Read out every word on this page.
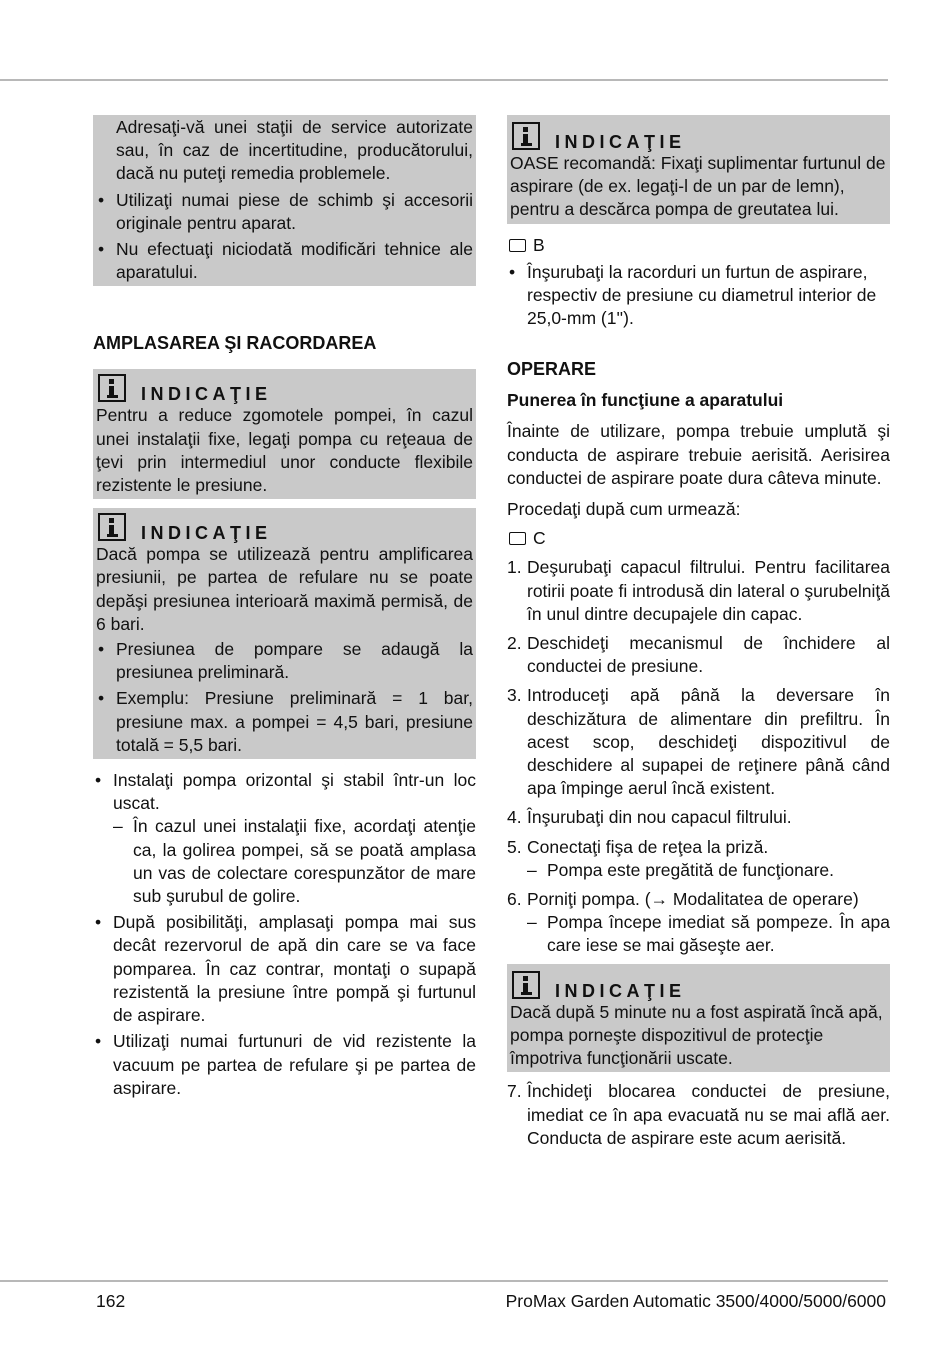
Adresaţi-vă unei staţii de service autorizate sau, în caz de incertitudine, producătorului, dacă nu puteţi remedia problemele.
• Utilizaţi numai piese de schimb şi accesorii originale pentru aparat.
• Nu efectuaţi niciodată modificări tehnice ale aparatului.
AMPLASAREA ŞI RACORDAREA
INDICAŢIE

Pentru a reduce zgomotele pompei, în cazul unei instalaţii fixe, legaţi pompa cu reţeaua de ţevi prin intermediul unor conducte flexibile rezistente le presiune.

INDICAŢIE

Dacă pompa se utilizează pentru amplificarea presiunii, pe partea de refulare nu se poate depăşi presiunea interioară maximă permisă, de 6 bari.

• Presiunea de pompare se adaugă la presiunea preliminară.
• Exemplu: Presiune preliminară = 1 bar, presiune max. a pompei = 4,5 bari, presiune totală = 5,5 bari.
• Instalaţi pompa orizontal şi stabil într-un loc uscat.
– În cazul unei instalaţii fixe, acordaţi atenţie ca, la golirea pompei, să se poată amplasa un vas de colectare corespunzător de mare sub şurubul de golire.
• După posibilităţi, amplasaţi pompa mai sus decât rezervorul de apă din care se va face pomparea. În caz contrar, montaţi o supapă rezistentă la presiune între pompă şi furtunul de aspirare.
• Utilizaţi numai furtunuri de vid rezistente la vacuum pe partea de refulare şi pe partea de aspirare.
INDICAŢIE

OASE recomandă: Fixaţi suplimentar furtunul de aspirare (de ex. legaţi-l de un par de lemn), pentru a descărca pompa de greutatea lui.

B
• Înşurubaţi la racorduri un furtun de aspirare, respectiv de presiune cu diametrul interior de 25,0-mm (1'').
OPERARE
Punerea în funcţiune a aparatului

Înainte de utilizare, pompa trebuie umplută şi conducta de aspirare trebuie aerisită. Aerisirea conductei de aspirare poate dura câteva minute.

Procedaţi după cum urmează:

C
1. Deşurubaţi capacul filtrului. Pentru facilitarea rotirii poate fi introdusă din lateral o şurubelniţă în unul dintre decupajele din capac.
2. Deschideţi mecanismul de închidere al conductei de presiune.
3. Introduceţi apă până la deversare în deschizătura de alimentare din prefiltru. În acest scop, deschideţi dispozitivul de deschidere al supapei de reţinere până când apa împinge aerul încă existent.
4. Înşurubaţi din nou capacul filtrului.
5. Conectaţi fişa de reţea la priză.
– Pompa este pregătită de funcţionare.
6. Porniţi pompa. (→ Modalitatea de operare)
– Pompa începe imediat să pompeze. În apa care iese se mai găseşte aer.
INDICAŢIE

Dacă după 5 minute nu a fost aspirată încă apă, pompa porneşte dispozitivul de protecţie împotriva funcţionării uscate.

7. Închideţi blocarea conductei de presiune, imediat ce în apa evacuată nu se mai află aer. Conducta de aspirare este acum aerisită.
162	ProMax Garden Automatic 3500/4000/5000/6000
